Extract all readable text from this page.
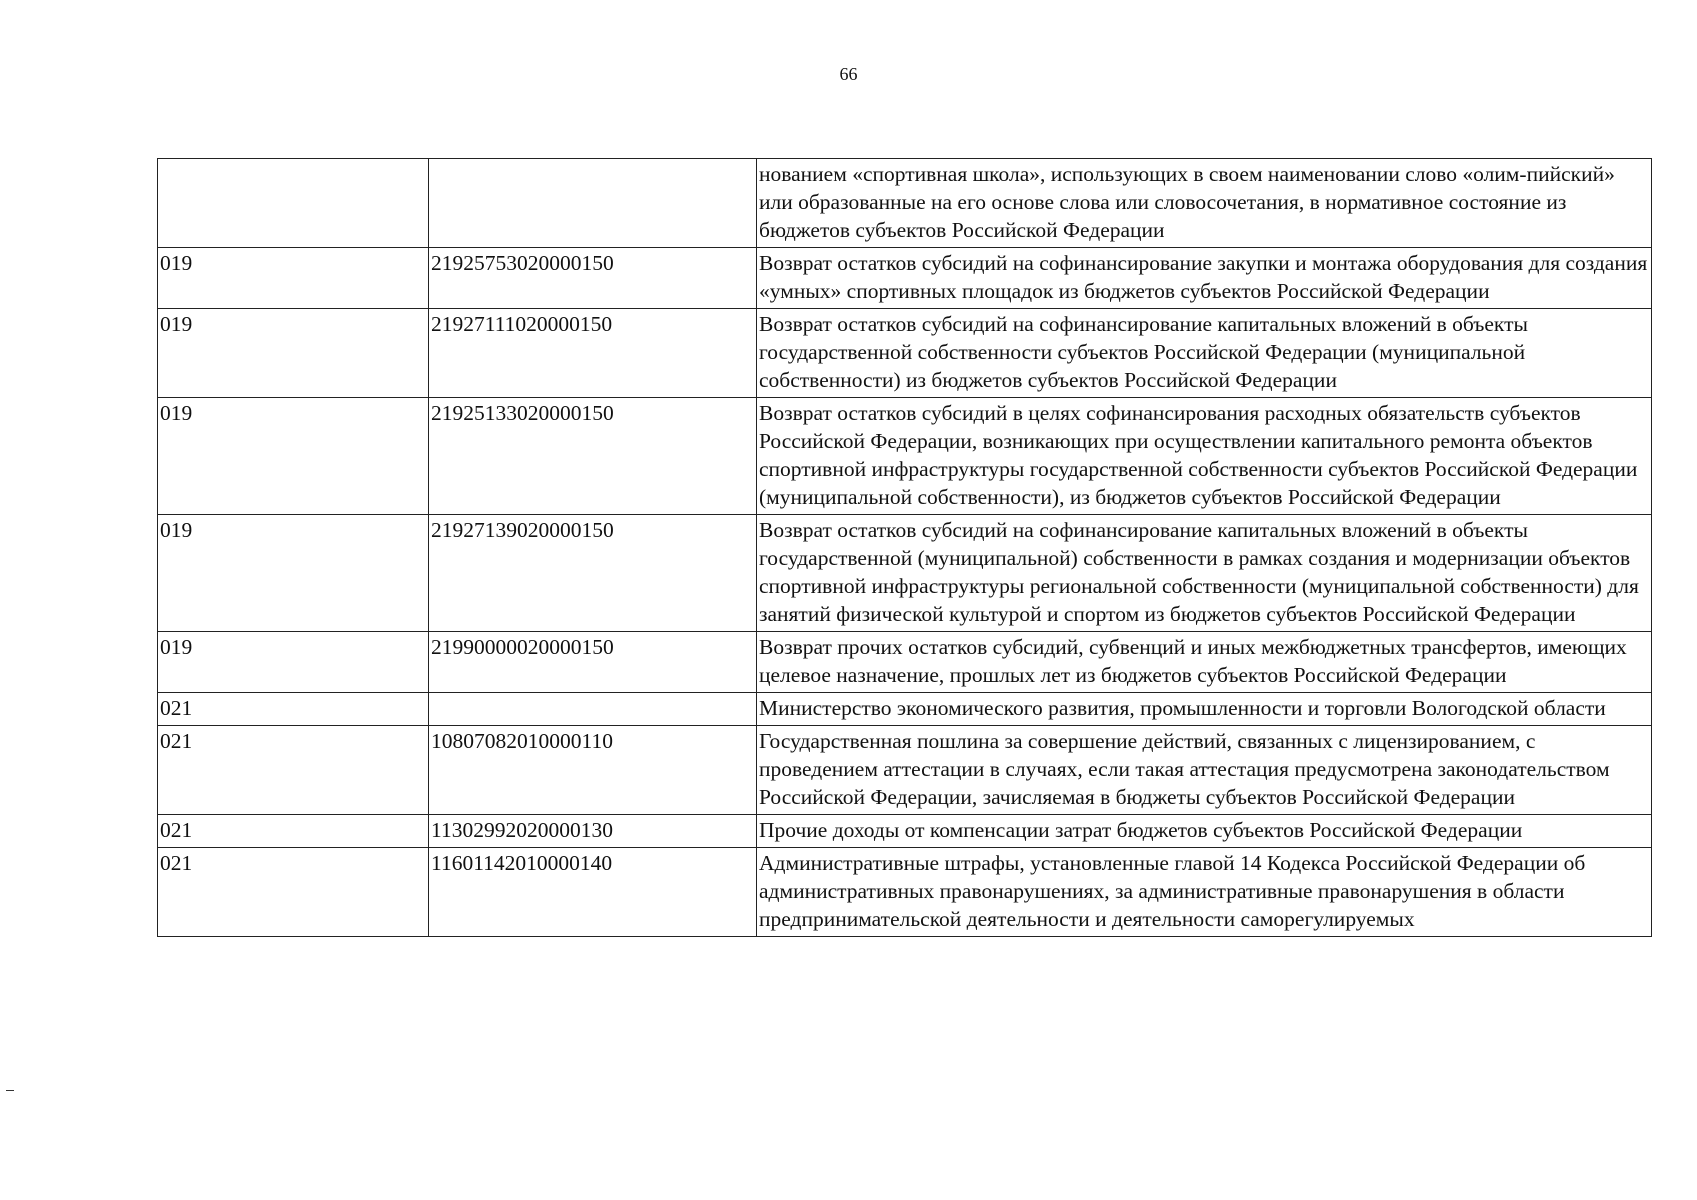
66
		нованием «спортивная школа», использующих в своем наименовании слово «олим-пийский» или образованные на его основе слова или словосочетания, в нормативное состояние из бюджетов субъектов Российской Федерации
019	21925753020000150	Возврат остатков субсидий на софинансирование закупки и монтажа оборудования для создания «умных» спортивных площадок из бюджетов субъектов Российской Федерации
019	21927111020000150	Возврат остатков субсидий на софинансирование капитальных вложений в объекты государственной собственности субъектов Российской Федерации (муниципальной собственности) из бюджетов субъектов Российской Федерации
019	21925133020000150	Возврат остатков субсидий в целях софинансирования расходных обязательств субъектов Российской Федерации, возникающих при осуществлении капитального ремонта объектов спортивной инфраструктуры государственной собственности субъектов Российской Федерации (муниципальной собственности), из бюджетов субъектов Российской Федерации
019	21927139020000150	Возврат остатков субсидий на софинансирование капитальных вложений в объекты государственной (муниципальной) собственности в рамках создания и модернизации объектов спортивной инфраструктуры региональной собственности (муниципальной собственности) для занятий физической культурой и спортом из бюджетов субъектов Российской Федерации
019	21990000020000150	Возврат прочих остатков субсидий, субвенций и иных межбюджетных трансфертов, имеющих целевое назначение, прошлых лет из бюджетов субъектов Российской Федерации
021		Министерство экономического развития, промышленности и торговли Вологодской области
021	10807082010000110	Государственная пошлина за совершение действий, связанных с лицензированием, с проведением аттестации в случаях, если такая аттестация предусмотрена законодательством Российской Федерации, зачисляемая в бюджеты субъектов Российской Федерации
021	11302992020000130	Прочие доходы от компенсации затрат бюджетов субъектов Российской Федерации
021	11601142010000140	Административные штрафы, установленные главой 14 Кодекса Российской Федерации об административных правонарушениях, за административные правонарушения в области предпринимательской деятельности и деятельности саморегулируемых
